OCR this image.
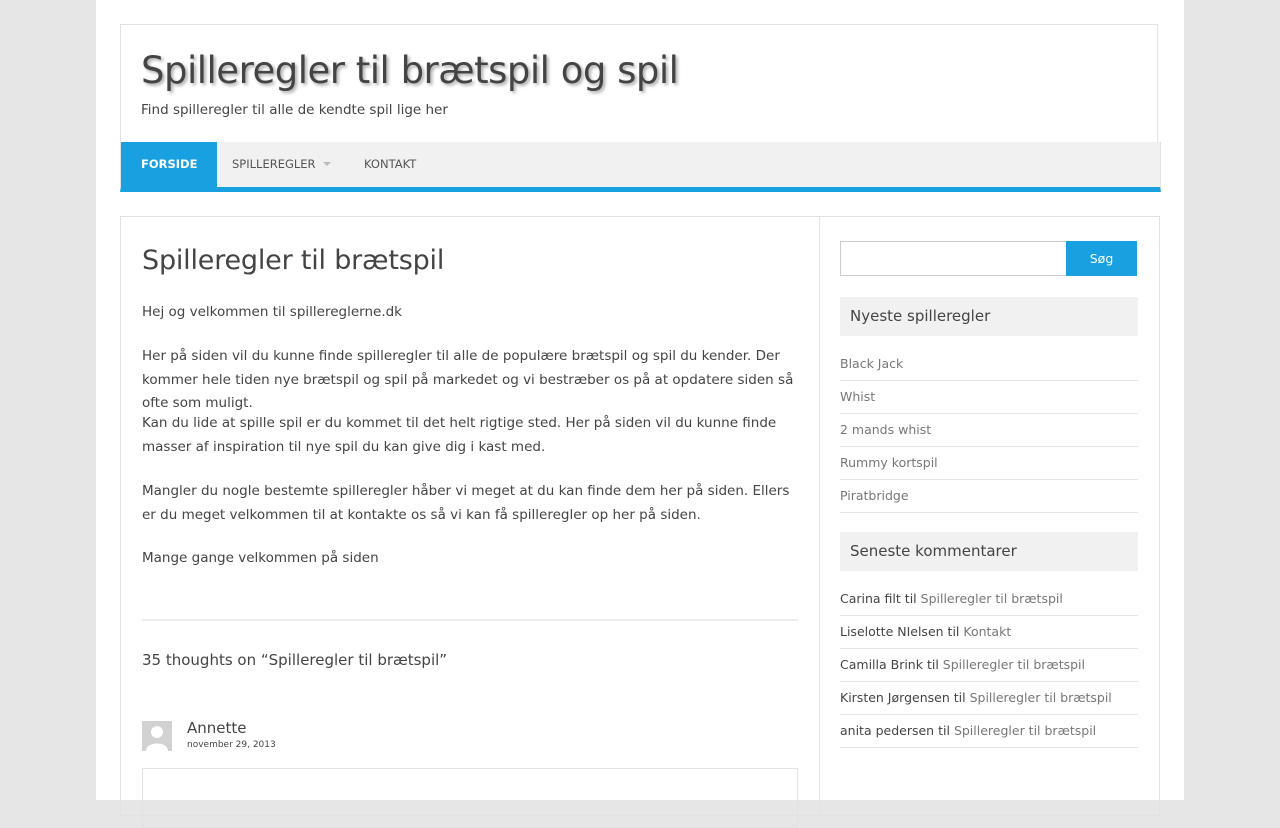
Spilleregler til brætspil og spil
Find spilleregler til alle de kendte spil lige her
FORSIDE	SPILLEREGLER	KONTAKT
Spilleregler til brætspil
Hej og velkommen til spillereglerne.dk
Her på siden vil du kunne finde spilleregler til alle de populære brætspil og spil du kender. Der kommer hele tiden nye brætspil og spil på markedet og vi bestræber os på at opdatere siden så ofte som muligt.
Kan du lide at spille spil er du kommet til det helt rigtige sted. Her på siden vil du kunne finde masser af inspiration til nye spil du kan give dig i kast med.
Mangler du nogle bestemte spilleregler håber vi meget at du kan finde dem her på siden. Ellers er du meget velkommen til at kontakte os så vi kan få spilleregler op her på siden.
Mange gange velkommen på siden
35 thoughts on “Spilleregler til brætspil”
Annette
november 29, 2013
Søg
Nyeste spilleregler
Black Jack
Whist
2 mands whist
Rummy kortspil
Piratbridge
Seneste kommentarer
Carina filt til Spilleregler til brætspil
Liselotte NIelsen til Kontakt
Camilla Brink til Spilleregler til brætspil
Kirsten Jørgensen til Spilleregler til brætspil
anita pedersen til Spilleregler til brætspil
